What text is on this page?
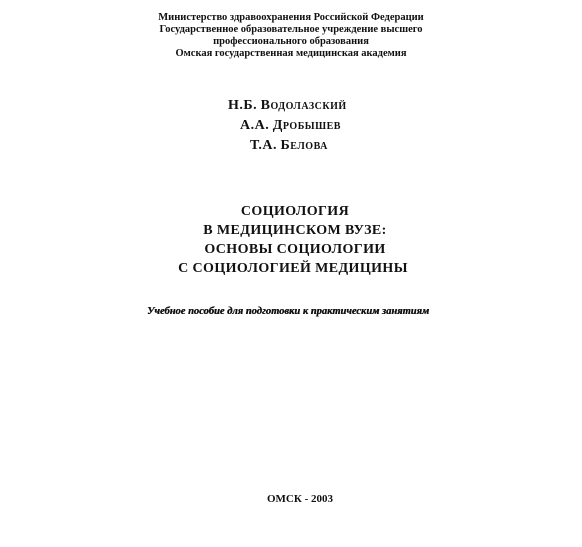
Министерство здравоохранения Российской Федерации
Государственное образовательное учреждение высшего
профессионального образования
Омская государственная медицинская академия
Н.Б. Водолазский
А.А. Дробышев
Т.А. Белова
СОЦИОЛОГИЯ
В МЕДИЦИНСКОМ ВУЗЕ:
ОСНОВЫ СОЦИОЛОГИИ
С СОЦИОЛОГИЕЙ МЕДИЦИНЫ
Учебное пособие для подготовки к практическим занятиям
ОМСК - 2003
